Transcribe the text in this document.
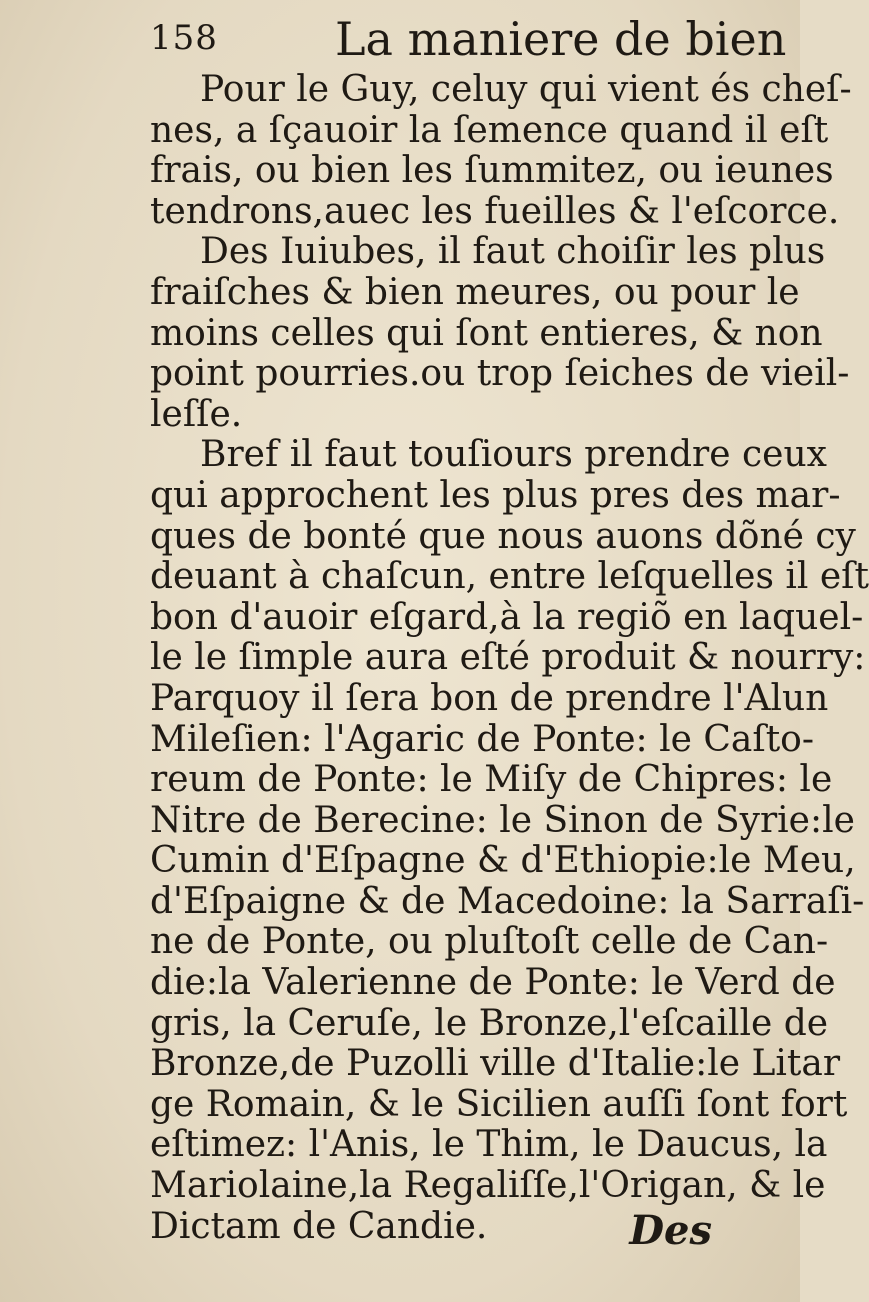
158	La maniere de bien
Pour le Guy, celuy qui vient és cheſ-
nes, a ſçauoir la ſemence quand il eſt
frais, ou bien les ſummitez, ou ieunes
tendrons,auec les fueilles & l'eſcorce.
Des Iuiubes, il faut choiſir les plus
fraiſches & bien meures, ou pour le
moins celles qui ſont entieres, & non
point pourries.ou trop ſeiches de vieil-
leſſe.
Bref il faut touſiours prendre ceux
qui approchent les plus pres des mar-
ques de bonté que nous auons dõné cy
deuant à chaſcun, entre leſquelles il eſt
bon d'auoir eſgard,à la regiõ en laquel-
le le ſimple aura eſté produit & nourry:
Parquoy il ſera bon de prendre l'Alun
Mileſien: l'Agaric de Ponte: le Caſto-
reum de Ponte: le Miſy de Chipres: le
Nitre de Berecine: le Sinon de Syrie:le
Cumin d'Eſpagne & d'Ethiopie:le Meu,
d'Eſpaigne & de Macedoine: la Sarraſi-
ne de Ponte, ou pluſtoſt celle de Can-
die:la Valerienne de Ponte: le Verd de
gris, la Ceruſe, le Bronze,l'eſcaille de
Bronze,de Puzolli ville d'Italie:le Litar
ge Romain, & le Sicilien auſſi ſont fort
eſtimez: l'Anis, le Thim, le Daucus, la
Mariolaine,la Regaliſſe,l'Origan, & le
Dictam de Candie.	Des
